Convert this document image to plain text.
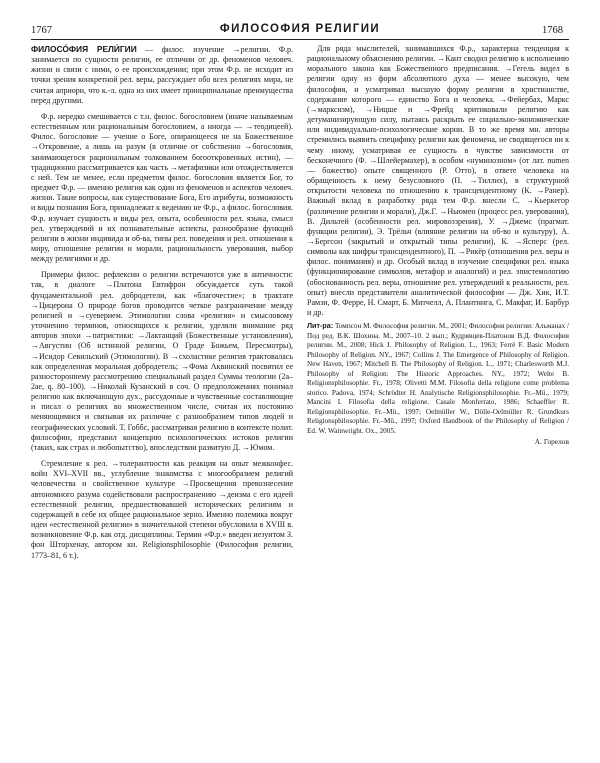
1767	ФИЛОСОФИЯ РЕЛИГИИ	1768

ФИЛОСО́ФИЯ РЕЛИ́ГИИ — филос. изучение →религии. Ф.р. занимается по сущности религии, ее отличии от др. феноменов человеч. жизни и связи с ними, о ее происхождении; при этом Ф.р. не исходит из точки зрения конкретной рел. веры, рассуждает обо всех религиях мира, не считая априори, что к.-л. одна из них имеет принципиальные преимущества перед другими.

Ф.р. нередко смешивается с т.н. филос. богословием (иначе называемым естественным или рациональным богословием, а иногда — →теодицеей). Филос. богословие — учение о Боге, опирающееся не на Божественное →Откровение, а лишь на разум (в отличие от собственно →богословия, занимающегося рациональным толкованием богооткровенных истин), — традиционно рассматривается как часть →метафизики или отождествляется с ней. Тем не менее, если предметом филос. богословия является Бог, то предмет Ф.р. — именно религия как один из феноменов и аспектов человеч. жизни. Такие вопросы, как существование Бога, Его атрибуты, возможность и виды познания Бога, принадлежат к ведению не Ф.р., а филос. богословия. Ф.р. изучает сущность и виды рел. опыта, особенности рел. языка, смысл рел. утверждений и их познавательные аспекты, разнообразие функций религии в жизни индивида и об-ва, типы рел. поведения и рел. отношения к миру, отношение религии и морали, рациональность уверования, выбор между религиями и др.

Примеры филос. рефлексии о религии встречаются уже в античности: так, в диалоге →Платона Евтифрон обсуждается суть такой фундаментальной рел. добродетели, как «благочестие»; в трактате →Цицерона О природе богов проводится четкое разграничение между религией и →суеверием. Этимологии слова «религия» и смысловому уточнению терминов, относящихся к религии, уделяли внимание ряд авторов эпохи →патристики: →Лактанций (Божественные установления), →Августин (Об истинной религии, О Граде Божьем, Пересмотры), →Исидор Севильский (Этимологии). В →схоластике религия трактовалась как определенная моральная добродетель; →Фома Аквинский посвятил ее разностороннему рассмотрению специальный раздел Суммы теологии (2а–2ае, q. 80–100). →Николай Кузанский в соч. О предположениях понимал религию как включающую дух., рассудочные и чувственные составляющие и писал о религиях во множественном числе, считая их постоянно меняющимися и связывая их различие с разнообразием типов людей и географических условий. Т. Гоббс, рассматривая религию в контексте полит. философии, представил концепцию психологических истоков религии (таких, как страх и любопытство), впоследствии развитую Д. →Юмом.

Стремление к рел. →толерантности как реакция на опыт межконфес. войн XVI–XVII вв., углубление знакомства с многообразием религий человечества и свойственное культуре →Просвещения превознесение автономного разума содействовали распространению →деизма с его идеей естественной религии, предшествовавшей исторических религиям и содержащей в себе их общее рациональное зерно. Именно полемика вокруг идеи «естественной религии» в значительной степени обусловила в XVIII в. возникновение Ф.р. как отд. дисциплины. Термин «Ф.р.» введен иезуитом З. фон Шторхенау, автором кн. Religionsphilosophie (Философия религии, 1773–81, 6 т.).

Для ряда мыслителей, занимавшихся Ф.р., характерна тенденция к рациональному объяснению религии. →Кант сводил религию к исполнению морального закона как Божественного предписания. →Гегель видел в религии одну из форм абсолютного духа — менее высокую, чем философия, и усматривал высшую форму религии в христианстве, содержание которого — единство Бога и человека. →Фейербах, Маркс (→марксизм), →Ницше и →Фрейд критиковали религию как детуманизирующую силу, пытаясь раскрыть ее социально-экономические или индивидуально-психологические корни. В то же время мн. авторы стремились выявить специфику религии как феномена, не сводящегося ни к чему иному, усматривая ее сущность в чувстве зависимости от бесконечного (Ф. →Шлейермахер), в особом «нуминозном» (от лат. numen — божество) опыте священного (Р. Отто), в ответе человека на обращенность к нему безусловного (П. →Тиллих), в структурной открытости человека по отношению к трансцендентному (К. →Ранер). Важный вклад в разработку ряда тем Ф.р. внесли С. →Кьеркегор (различение религии и морали), Дж.Г. →Ньюмен (процесс рел. уверования), В. Дильтей (особенности рел. мировоззрения), У. →Джемс (прагмат. функции религии), Э. Трёльч (влияние религии на об-во и культуру), А. →Бергсон (закрытый и открытый типы религии), К. →Ясперс (рел. символы как шифры трансцендентного), П. →Рикёр (отношения рел. веры и филос. понимания) и др. Особый вклад в изучение специфики рел. языка (функционирование символов, метафор и аналогий) и рел. эпистемологию (обоснованность рел. веры, отношение рел. утверждений к реальности, рел. опыт) внесли представители аналитической философии — Дж. Хик, И.Т. Рамзи, Ф. Ферре, Н. Смарт, Б. Митчелл, А. Плантинга, С. Макфаг, И. Барбур и др.

Лит-ра: Томпсон М. Философия религии. М., 2001; Философия религии: Альманах / Под ред. В.К. Шохина. М., 2007–10. 2 вып.; Кудрявцев-Платонов В.Д. Философия религии. М., 2008; Hick J. Philosophy of Religion. L., 1963; Ferré F. Basic Modern Philosophy of Religion. NY., 1967; Collins J. The Emergence of Philosophy of Religion. New Haven, 1967; Mitchell B. The Philosophy of Religion. L., 1971; Charlesworth M.J. Philosophy of Religion: The Historic Approaches. NY., 1972; Welte B. Religionsphilosophie. Fr., 1978; Olivetti M.M. Filosofia della religione come problema storico. Padova, 1974; Schrödter H. Analytische Religionsphilosophie. Fr.–Mü., 1979; Mancini I. Filosofia della religione. Casale Monferrato, 1986; Schaeffler R. Religionsphilosophie. Fr.–Mü., 1997; Oelmüller W., Dölle-Oelmüller R. Grundkurs Religionsphilosophie. Fr.–Mü., 1997; Oxford Handbook of the Philosophy of Religion / Ed. W. Wainwright. Ox., 2005.

А. Горелов
